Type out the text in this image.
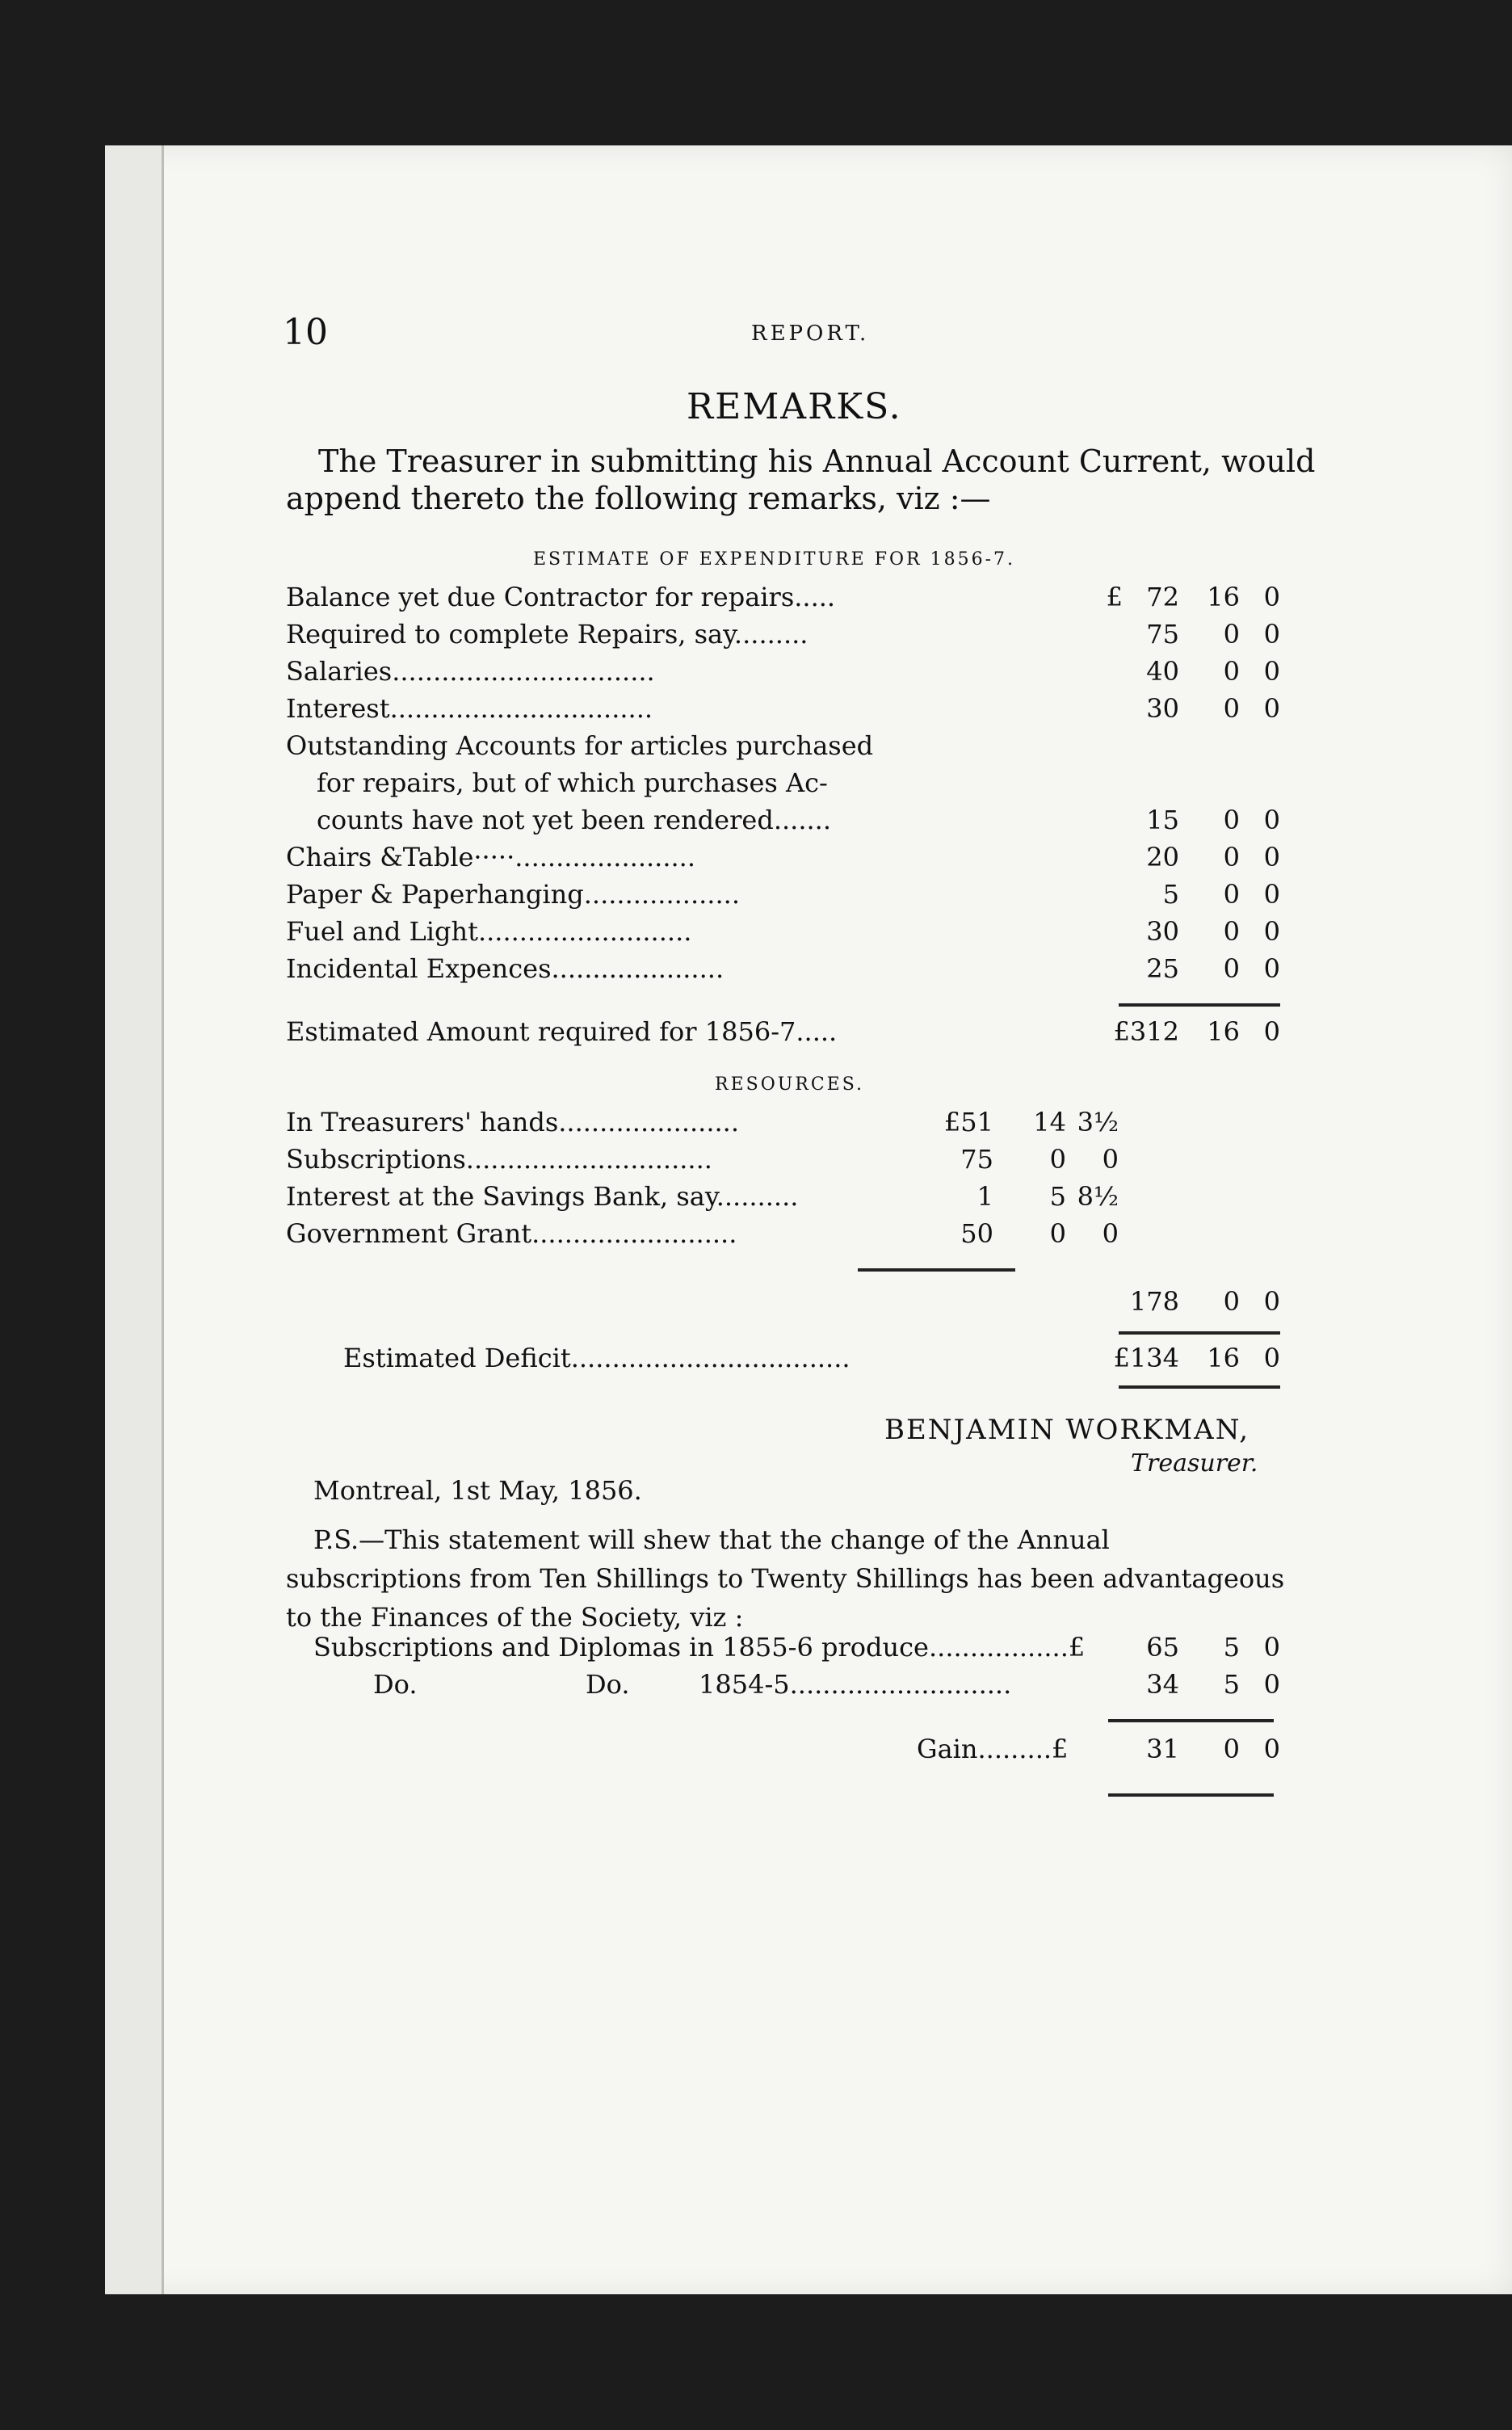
10	REPORT.
REMARKS.
The Treasurer in submitting his Annual Account Current, would append thereto the following remarks, viz :—
ESTIMATE OF EXPENDITURE FOR 1856-7.
Balance yet due Contractor for repairs.....	£ 72	16 0
Required to complete Repairs, say.........	75	0 0
Salaries................................	40	0 0
Interest................................	30	0 0
Outstanding Accounts for articles purchased
for repairs, but of which purchases Ac-
counts have not yet been rendered.......	15	0 0
Chairs &Table·····......................	20	0 0
Paper & Paperhanging...................	5	0 0
Fuel and Light..........................	30	0 0
Incidental Expences.....................	25	0 0
Estimated Amount required for 1856-7.....	£312	16 0
RESOURCES.
In Treasurers' hands......................	£51 14 3½
Subscriptions..............................	75	0	0
Interest at the Savings Bank, say..........	1	5 8½
Government Grant.........................	50	0	0
178	0 0
Estimated Deficit..................................	£134	16 0
BENJAMIN WORKMAN,
Treasurer.
Montreal, 1st May, 1856.
P.S.—This statement will shew that the change of the Annual subscriptions from Ten Shillings to Twenty Shillings has been advantageous to the Finances of the Society, viz :
Subscriptions and Diplomas in 1855-6 produce.................£	65	5 0
Do.	Do.	1854-5...........................	34	5 0
Gain.........£	31	0 0
